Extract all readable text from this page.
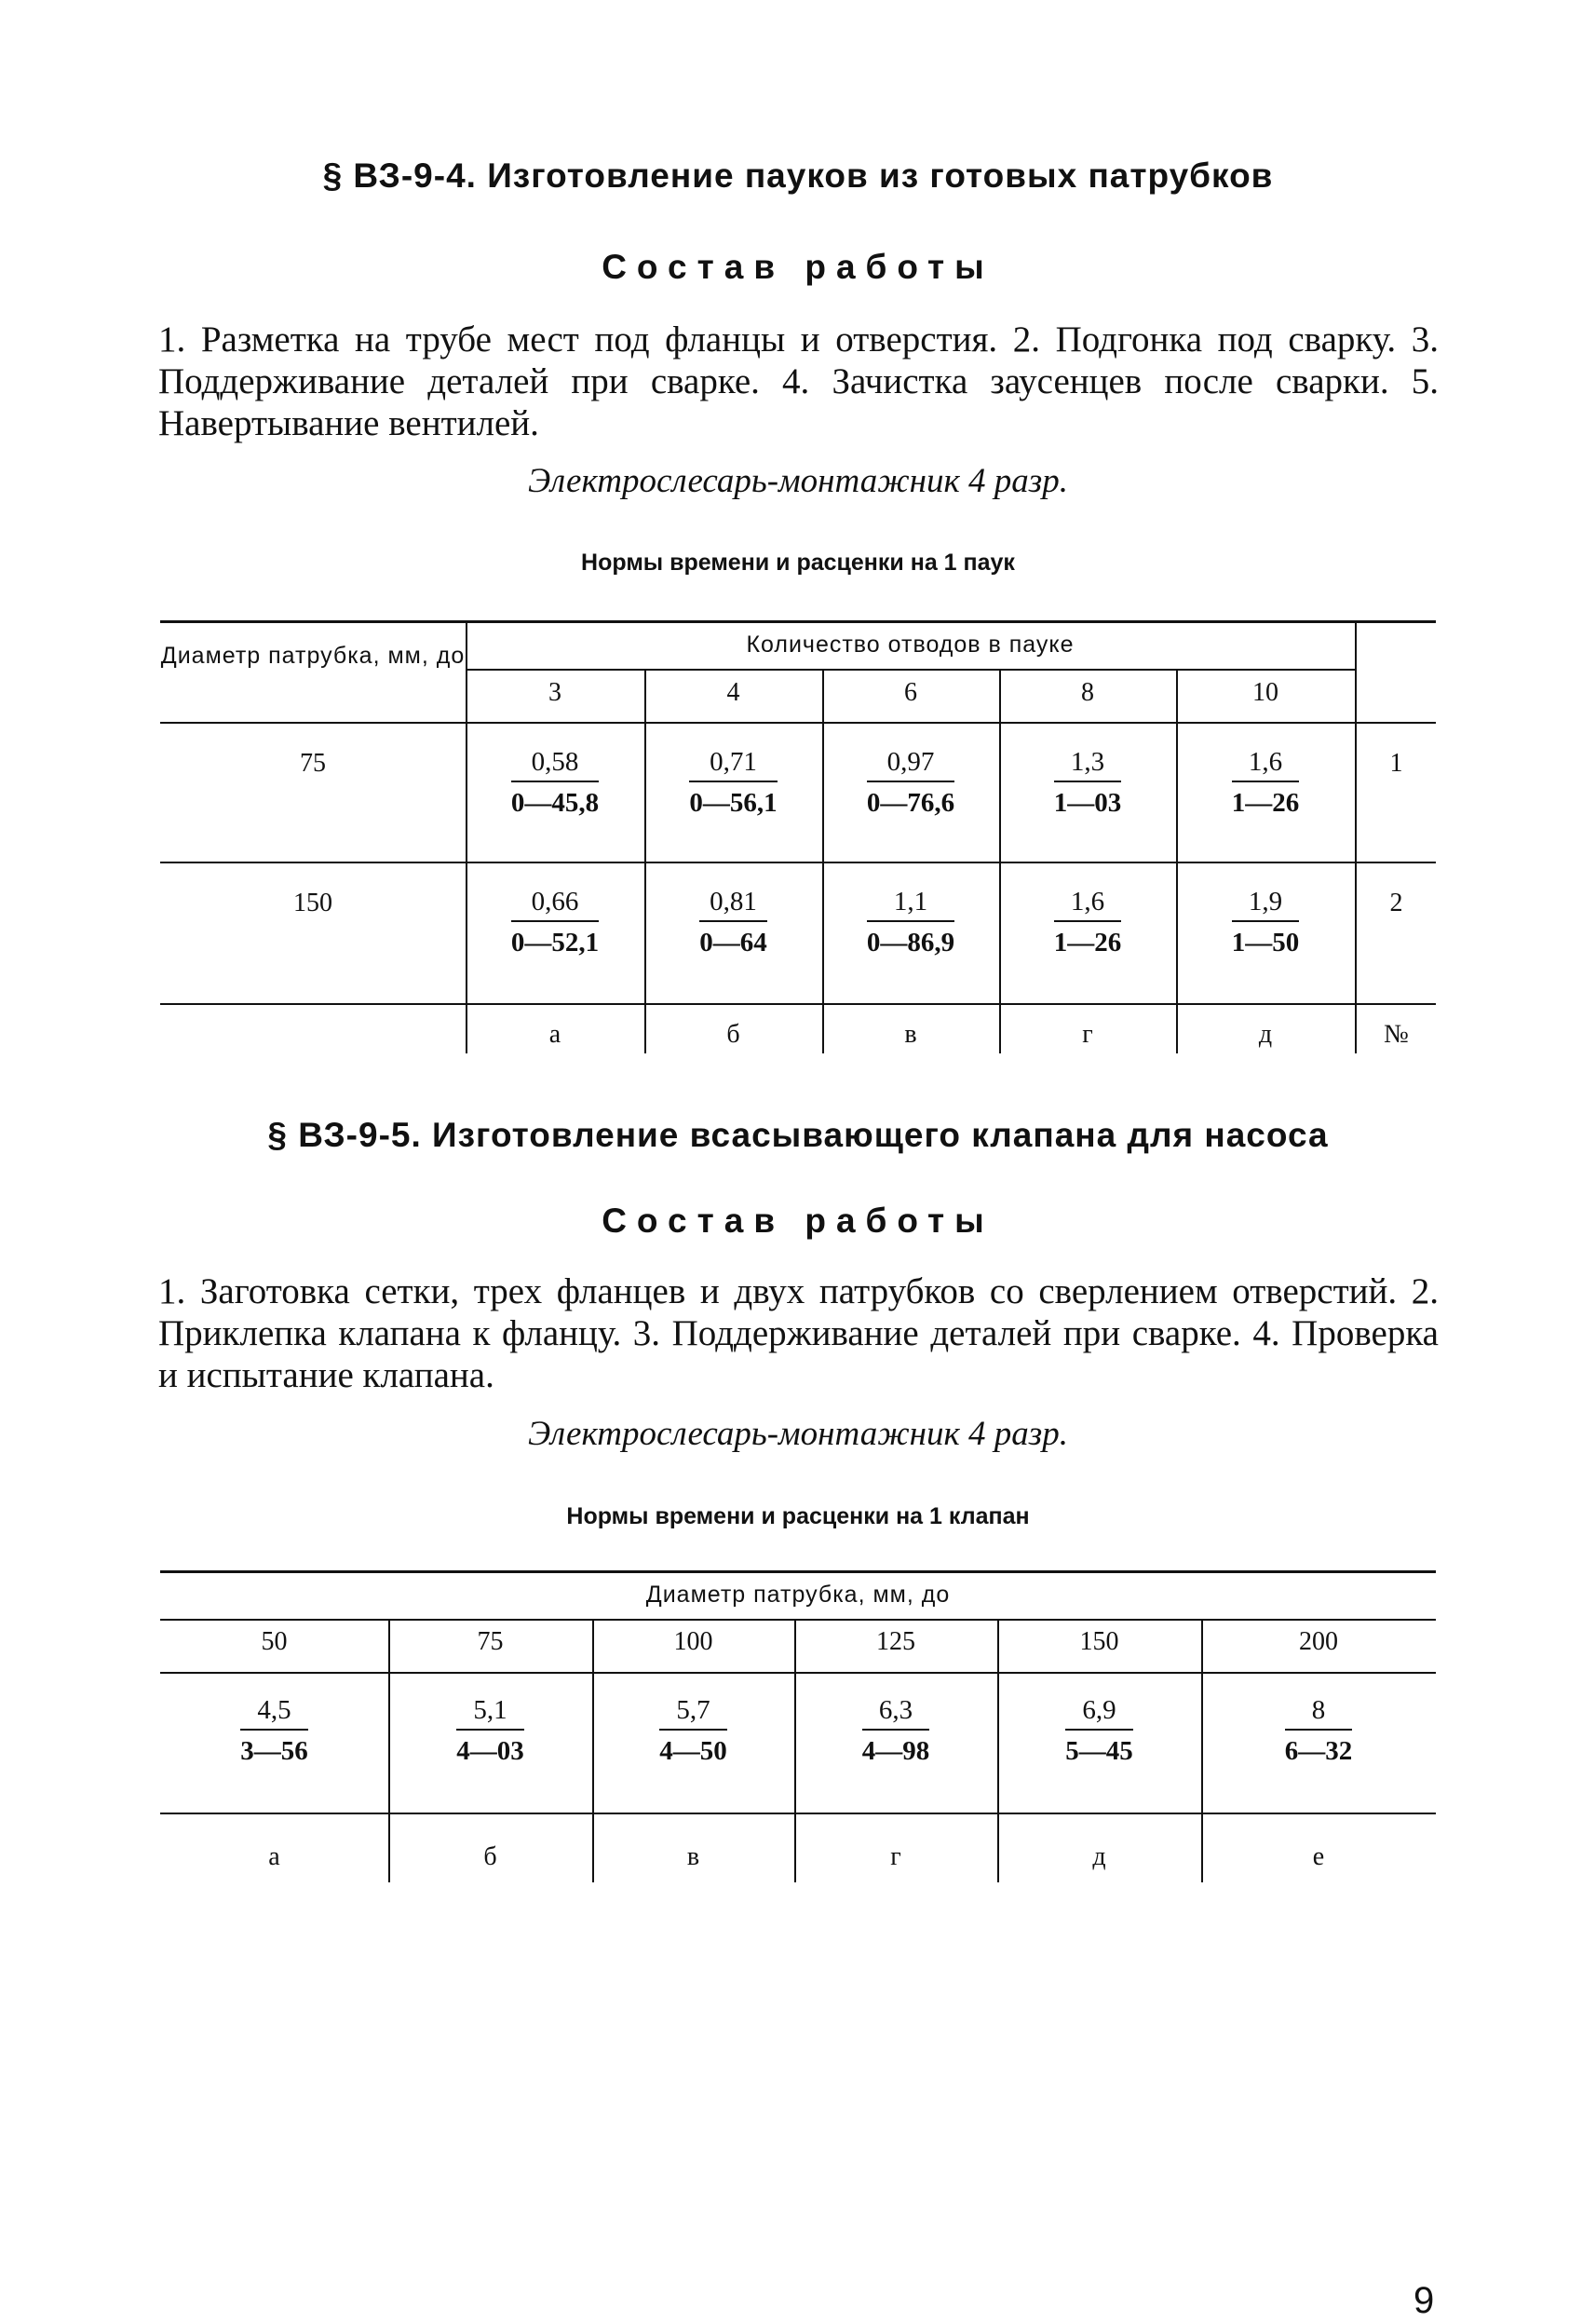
§ ВЗ-9-4. Изготовление пауков из готовых патрубков
Состав работы
1. Разметка на трубе мест под фланцы и отверстия. 2. Подгонка под сварку. 3. Поддерживание деталей при сварке. 4. Зачистка заусенцев после сварки. 5. Навертывание вентилей.
Электрослесарь-монтажник 4 разр.
Нормы времени и расценки на 1 паук
Диаметр патрубка, мм, до	Количество отводов в пауке
3	4	6	8	10
75	$\frac{0,58}{0—45,8}$	$\frac{0,71}{0—56,1}$	$\frac{0,97}{0—76,6}$	$\frac{1,3}{1—03}$	$\frac{1,6}{1—26}$	1
150	$\frac{0,66}{0—52,1}$	$\frac{0,81}{0—64}$	$\frac{1,1}{0—86,9}$	$\frac{1,6}{1—26}$	$\frac{1,9}{1—50}$	2
а	б	в	г	д	№
§ ВЗ-9-5. Изготовление всасывающего клапана для насоса
Состав работы
1. Заготовка сетки, трех фланцев и двух патрубков со сверлением отверстий. 2. Приклепка клапана к фланцу. 3. Поддерживание деталей при сварке. 4. Проверка и испытание клапана.
Электрослесарь-монтажник 4 разр.
Нормы времени и расценки на 1 клапан
Диаметр патрубка, мм, до
50	75	100	125	150	200
$\frac{4,5}{3—56}$	$\frac{5,1}{4—03}$	$\frac{5,7}{4—50}$	$\frac{6,3}{4—98}$	$\frac{6,9}{5—45}$	$\frac{8}{6—32}$
а	б	в	г	д	е
9
